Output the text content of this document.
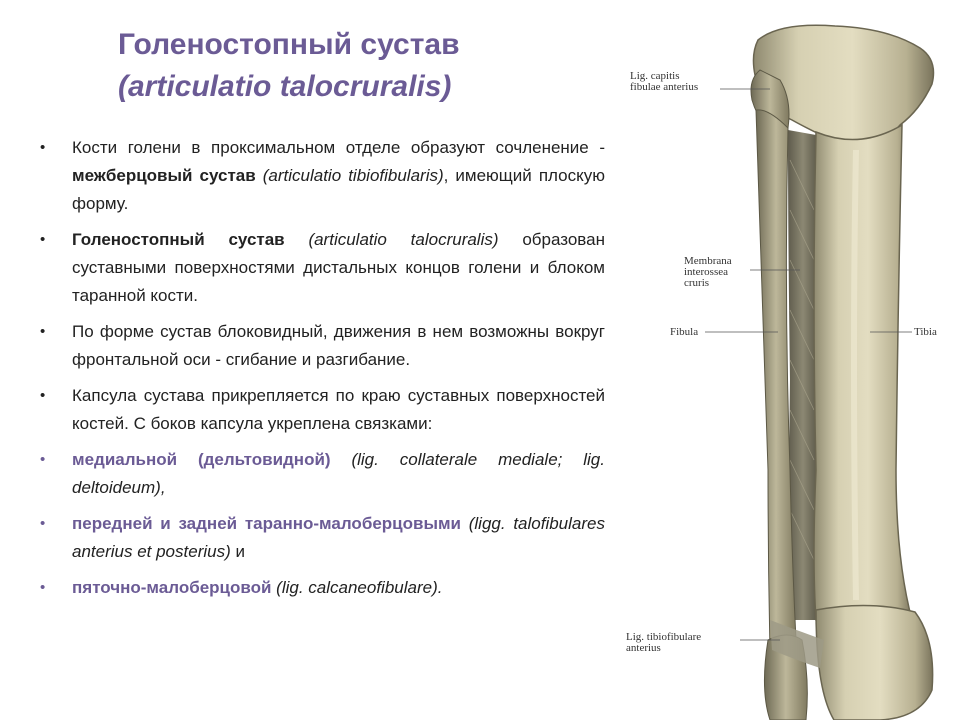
Голеностопный сустав
(articulatio talocruralis)
• Кости голени в проксимальном отделе образуют сочленение - межберцовый сустав (articulatio tibiofibularis), имеющий плоскую форму.
• Голеностопный сустав (articulatio talocruralis) образован суставными поверхностями дистальных концов голени и блоком таранной кости.
• По форме сустав блоковидный, движения в нем возможны вокруг фронтальной оси - сгибание и разгибание.
• Капсула сустава прикрепляется по краю суставных поверхностей костей. С боков капсула укреплена связками:
• медиальной (дельтовидной) (lig. collaterale mediale; lig. deltoideum),
• передней и задней таранно-малоберцовыми (ligg. talofibulares anterius et posterius) и
• пяточно-малоберцовой (lig. calcaneofibulare).
Lig. capitis
fibulae anterius
Membrana
interossea
cruris
Fibula	Tibia
Lig. tibiofibulare
anterius
